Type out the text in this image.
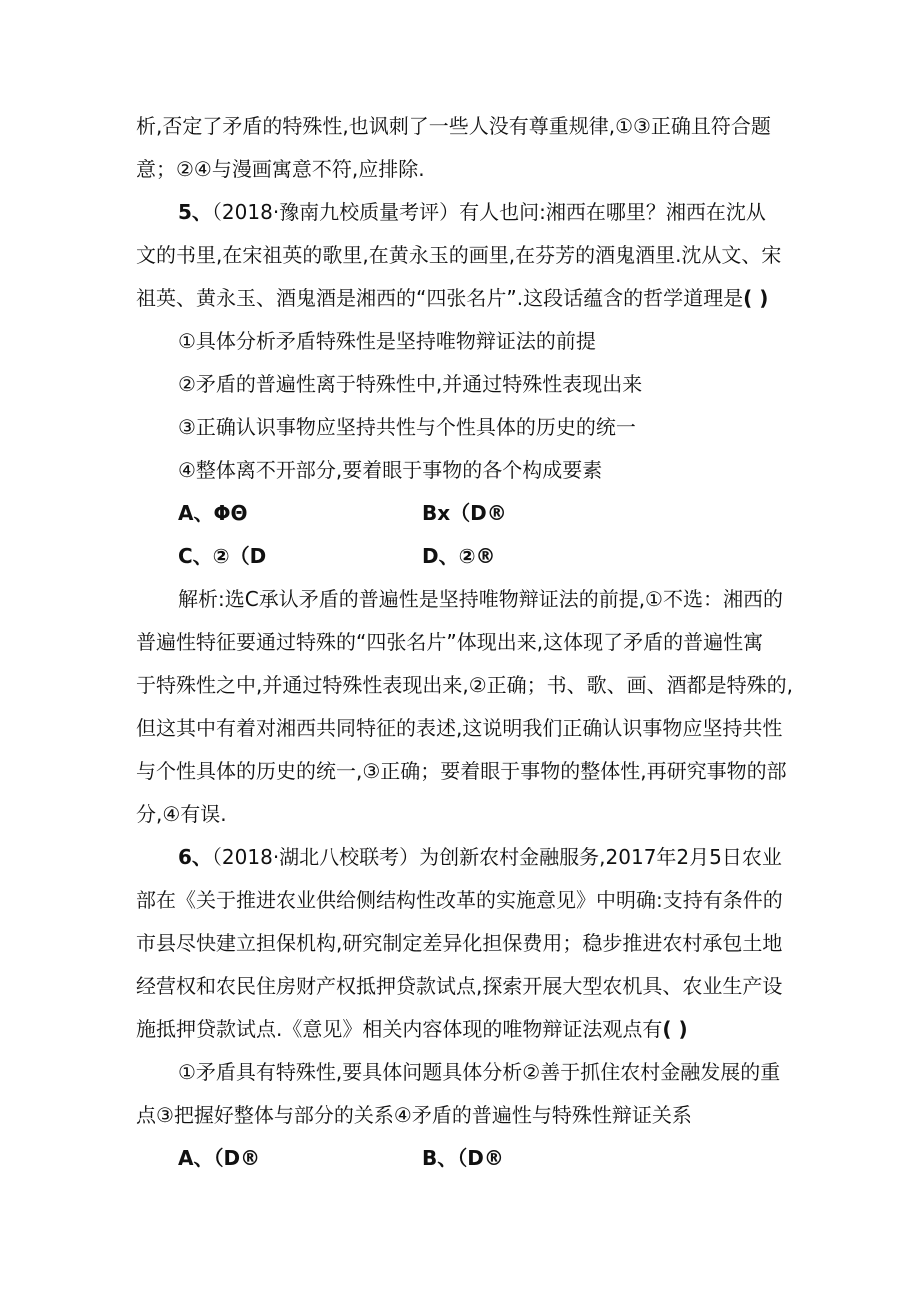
析,否定了矛盾的特殊性,也讽刺了一些人没有尊重规律,①③正确且符合题
意；②④与漫画寓意不符,应排除.
5、（2018·豫南九校质量考评）有人也问:湘西在哪里？湘西在沈从
文的书里,在宋祖英的歌里,在黄永玉的画里,在芬芳的酒鬼酒里.沈从文、宋
祖英、黄永玉、酒鬼酒是湘西的“四张名片”.这段话蕴含的哲学道理是( )
①具体分析矛盾特殊性是坚持唯物辩证法的前提
②矛盾的普遍性离于特殊性中,并通过特殊性表现出来
③正确认识事物应坚持共性与个性具体的历史的统一
④整体离不开部分,要着眼于事物的各个构成要素
A、ΦΘ	Bx（D®
C、②（D	D、②®
解析:选C承认矛盾的普遍性是坚持唯物辩证法的前提,①不选：湘西的
普遍性特征要通过特殊的“四张名片”体现出来,这体现了矛盾的普遍性寓
于特殊性之中,并通过特殊性表现出来,②正确；书、歌、画、酒都是特殊的,
但这其中有着对湘西共同特征的表述,这说明我们正确认识事物应坚持共性
与个性具体的历史的统一,③正确；要着眼于事物的整体性,再研究事物的部
分,④有误.
6、（2018·湖北八校联考）为创新农村金融服务,2017年2月5日农业
部在《关于推进农业供给侧结构性改革的实施意见》中明确:支持有条件的
市县尽快建立担保机构,研究制定差异化担保费用；稳步推进农村承包土地
经营权和农民住房财产权抵押贷款试点,探索开展大型农机具、农业生产设
施抵押贷款试点.《意见》相关内容体现的唯物辩证法观点有( )
①矛盾具有特殊性,要具体问题具体分析②善于抓住农村金融发展的重
点③把握好整体与部分的关系④矛盾的普遍性与特殊性辩证关系
A、（D®	B、（D®
